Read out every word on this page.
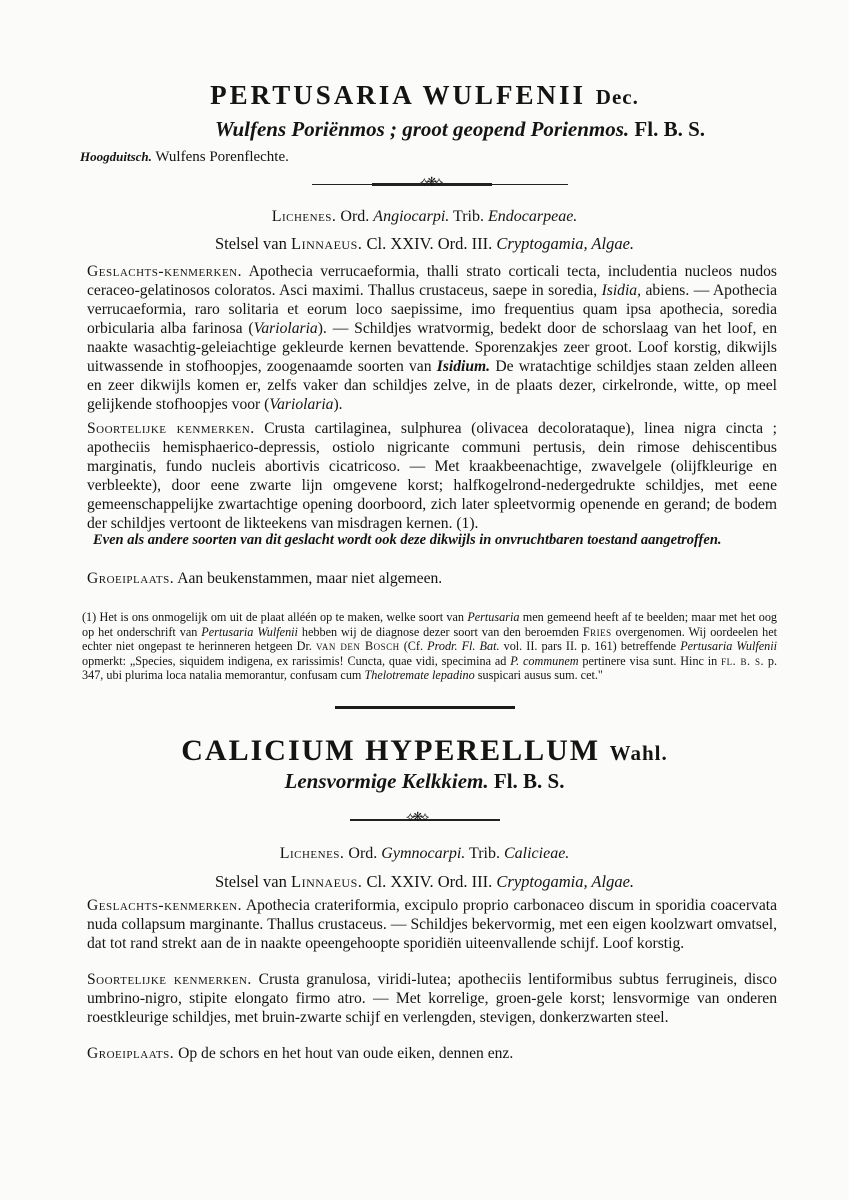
PERTUSARIA WULFENII Dec.
Wulfens Poriënmos ; groot geopend Porienmos. Fl. B. S.
Hoogduitsch. Wulfens Porenflechte.
⟡❋⟡
Lichenes. Ord. Angiocarpi. Trib. Endocarpeae.
Stelsel van Linnaeus. Cl. XXIV. Ord. III. Cryptogamia, Algae.

Geslachts-kenmerken. Apothecia verrucaeformia, thalli strato corticali tecta, includentia nucleos nudos ceraceo-gelatinosos coloratos. Asci maximi. Thallus crustaceus, saepe in soredia, Isidia, abiens. — Apothecia verrucaeformia, raro solitaria et eorum loco saepissime, imo frequentius quam ipsa apothecia, soredia orbicularia alba farinosa (Variolaria). — Schildjes wratvormig, bedekt door de schorslaag van het loof, en naakte wasachtig-geleiachtige gekleurde kernen bevattende. Sporenzakjes zeer groot. Loof korstig, dikwijls uitwassende in stofhoopjes, zoogenaamde soorten van Isidium. De wratachtige schildjes staan zelden alleen en zeer dikwijls komen er, zelfs vaker dan schildjes zelve, in de plaats dezer, cirkelronde, witte, op meel gelijkende stofhoopjes voor (Variolaria).

Soortelijke kenmerken. Crusta cartilaginea, sulphurea (olivacea decolorataque), linea nigra cincta ; apotheciis hemisphaerico-depressis, ostiolo nigricante communi pertusis, dein rimose dehiscentibus marginatis, fundo nucleis abortivis cicatricoso. — Met kraakbeenachtige, zwavelgele (olijfkleurige en verbleekte), door eene zwarte lijn omgevene korst; halfkogelrond-nedergedrukte schildjes, met eene gemeenschappelijke zwartachtige opening doorboord, zich later spleetvormig openende en gerand; de bodem der schildjes vertoont de likteekens van misdragen kernen. (1).

Even als andere soorten van dit geslacht wordt ook deze dikwijls in onvruchtbaren toestand aangetroffen.

Groeiplaats. Aan beukenstammen, maar niet algemeen.

(1) Het is ons onmogelijk om uit de plaat alléén op te maken, welke soort van Pertusaria men gemeend heeft af te beelden; maar met het oog op het onderschrift van Pertusaria Wulfenii hebben wij de diagnose dezer soort van den beroemden Fries overgenomen. Wij oordeelen het echter niet ongepast te herinneren hetgeen Dr. van den Bosch (Cf. Prodr. Fl. Bat. vol. II. pars II. p. 161) betreffende Pertusaria Wulfenii opmerkt: „Species, siquidem indigena, ex rarissimis! Cuncta, quae vidi, specimina ad P. communem pertinere visa sunt. Hinc in fl. b. s. p. 347, ubi plurima loca natalia memorantur, confusam cum Thelotremate lepadino suspicari ausus sum. cet."

CALICIUM HYPERELLUM Wahl.
Lensvormige Kelkkiem. Fl. B. S.
⟡❋⟡
Lichenes. Ord. Gymnocarpi. Trib. Caliciеae.
Stelsel van Linnaeus. Cl. XXIV. Ord. III. Cryptogamia, Algae.

Geslachts-kenmerken. Apothecia crateriformia, excipulo proprio carbonaceo discum in sporidia coacervata nuda collapsum marginante. Thallus crustaceus. — Schildjes bekervormig, met een eigen koolzwart omvatsel, dat tot rand strekt aan de in naakte opeengehoopte sporidiën uiteenvallende schijf. Loof korstig.

Soortelijke kenmerken. Crusta granulosa, viridi-lutea; apotheciis lentiformibus subtus ferrugineis, disco umbrino-nigro, stipite elongato firmo atro. — Met korrelige, groen-gele korst; lensvormige van onderen roestkleurige schildjes, met bruin-zwarte schijf en verlengden, stevigen, donkerzwarten steel.

Groeiplaats. Op de schors en het hout van oude eiken, dennen enz.
